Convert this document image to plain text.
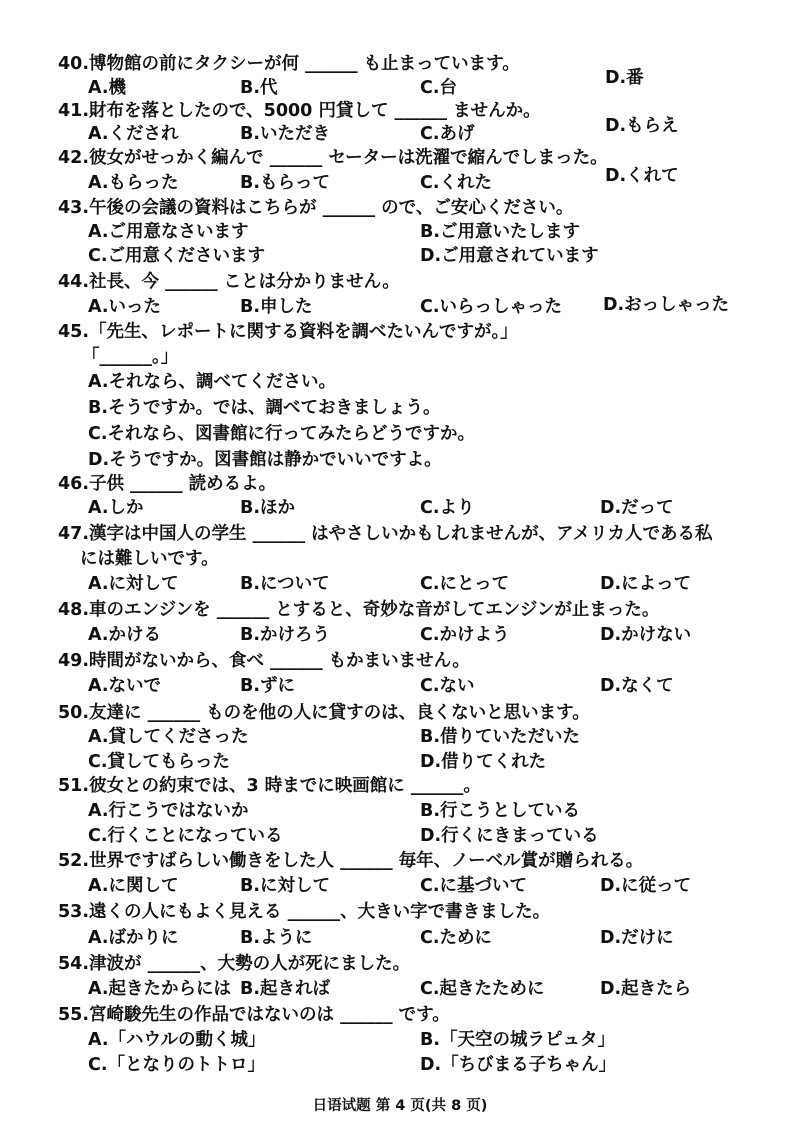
40.博物館の前にタクシーが何 ______ も止まっています。
A.機	B.代	C.台	D.番
41.財布を落としたので、5000 円貸して ______ ませんか。
A.くだされ	B.いただき	C.あげ	D.もらえ
42.彼女がせっかく編んで ______ セーターは洗濯で縮んでしまった。
A.もらった	B.もらって	C.くれた	D.くれて
43.午後の会議の資料はこちらが ______ ので、ご安心ください。
A.ご用意なさいます	B.ご用意いたします
C.ご用意くださいます	D.ご用意されています
44.社長、今 ______ ことは分かりません。
A.いった	B.申した	C.いらっしゃった D.おっしゃった
45.「先生、レポートに関する資料を調べたいんですが。」
「______。」
A.それなら、調べてください。
B.そうですか。では、調べておきましょう。
C.それなら、図書館に行ってみたらどうですか。
D.そうですか。図書館は静かでいいですよ。
46.子供 ______ 読めるよ。
A.しか	B.ほか	C.より	D.だって
47.漢字は中国人の学生 ______ はやさしいかもしれませんが、アメリカ人である私
には難しいです。
A.に対して	B.について	C.にとって	D.によって
48.車のエンジンを ______ とすると、奇妙な音がしてエンジンが止まった。
A.かける	B.かけろう	C.かけよう	D.かけない
49.時間がないから、食べ ______ もかまいません。
A.ないで	B.ずに	C.ない	D.なくて
50.友達に ______ ものを他の人に貸すのは、良くないと思います。
A.貸してくださった	B.借りていただいた
C.貸してもらった	D.借りてくれた
51.彼女との約束では、3 時までに映画館に ______。
A.行こうではないか	B.行こうとしている
C.行くことになっている	D.行くにきまっている
52.世界ですばらしい働きをした人 ______ 毎年、ノーベル賞が贈られる。
A.に関して	B.に対して	C.に基づいて	D.に従って
53.遠くの人にもよく見える ______、大きい字で書きました。
A.ばかりに	B.ように	C.ために	D.だけに
54.津波が ______、大勢の人が死にました。
A.起きたからには B.起きれば	C.起きたために	D.起きたら
55.宮崎駿先生の作品ではないのは ______ です。
A.「ハウルの動く城」	B.「天空の城ラピュタ」
C.「となりのトトロ」	D.「ちびまる子ちゃん」
日语试题 第 4 页(共 8 页)
